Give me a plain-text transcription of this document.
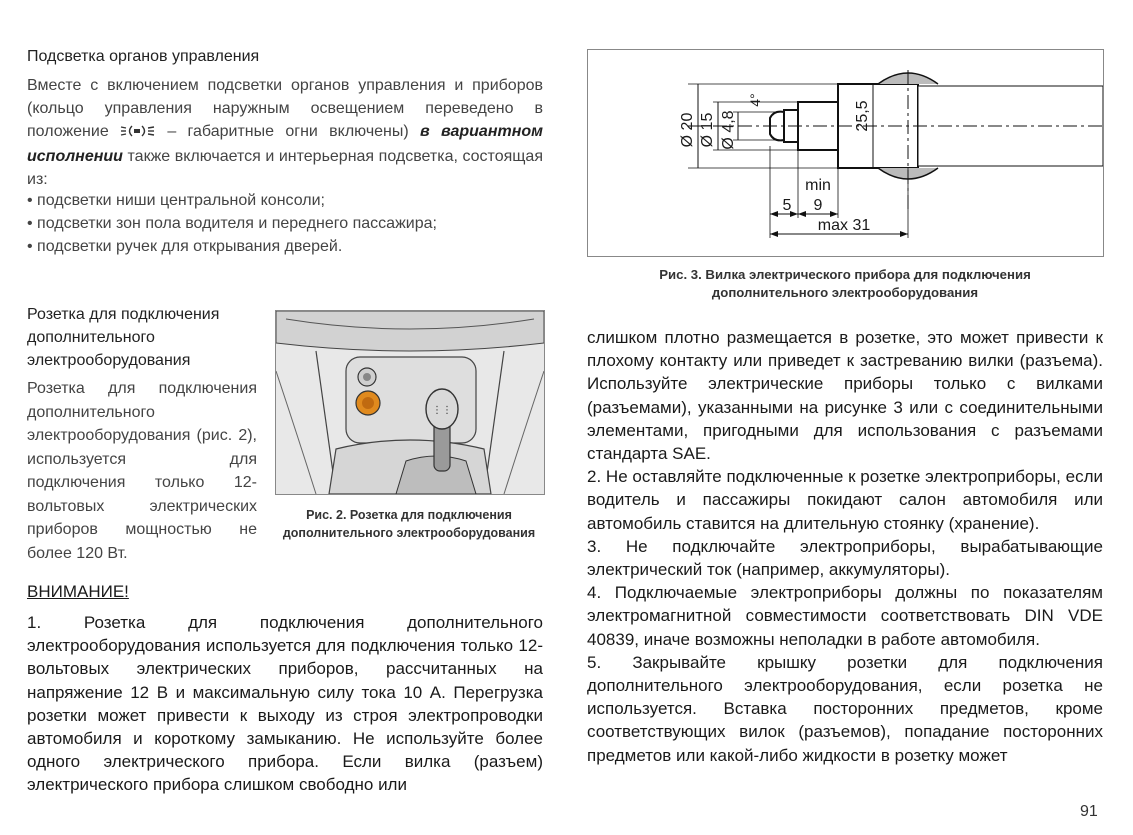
Подсветка органов управления
Вместе с включением подсветки органов управления и приборов (кольцо управления наружным освещением переведено в положение	– габаритные огни включены) в вариантном исполнении также включается и интерьерная подсветка, состоящая из:
• подсветки ниши центральной консоли;
• подсветки зон пола водителя и переднего пассажира;
• подсветки ручек для открывания дверей.
Розетка для подключения дополнительного электрооборудования
Розетка для подключения дополнительного электрооборудования (рис. 2), используется для подключения только 12-вольтовых электрических приборов мощностью не более 120 Вт.
⋮⋮
Рис. 2. Розетка для подключения дополнительного электрооборудования
Ø 20 Ø 15 Ø 4,8
4°
25,5
min
5 9
max 31
Рис. 3. Вилка электрического прибора для подключения дополнительного электрооборудования
ВНИМАНИЕ!

1. Розетка для подключения дополнительного электрооборудования используется для подключения только 12-вольтовых электрических приборов, рассчитанных на напряжение 12 В и максимальную силу тока 10 А. Перегрузка розетки может привести к выходу из строя электропроводки автомобиля и короткому замыканию. Не используйте более одного электрического прибора. Если вилка (разъем) электрического прибора слишком свободно или

слишком плотно размещается в розетке, это может привести к плохому контакту или приведет к застреванию вилки (разъема). Используйте электрические приборы только с вилками (разъемами), указанными на рисунке 3 или с соединительными элементами, пригодными для использования с разъемами стандарта SAE.

2. Не оставляйте подключенные к розетке электроприборы, если водитель и пассажиры покидают салон автомобиля или автомобиль ставится на длительную стоянку (хранение).

3. Не подключайте электроприборы, вырабатывающие электрический ток (например, аккумуляторы).

4. Подключаемые электроприборы должны по показателям электромагнитной совместимости соответствовать DIN VDE 40839, иначе возможны неполадки в работе автомобиля.

5. Закрывайте крышку розетки для подключения дополнительного электрооборудования, если розетка не используется. Вставка посторонних предметов, кроме соответствующих вилок (разъемов), попадание посторонних предметов или какой-либо жидкости в розетку может

91
